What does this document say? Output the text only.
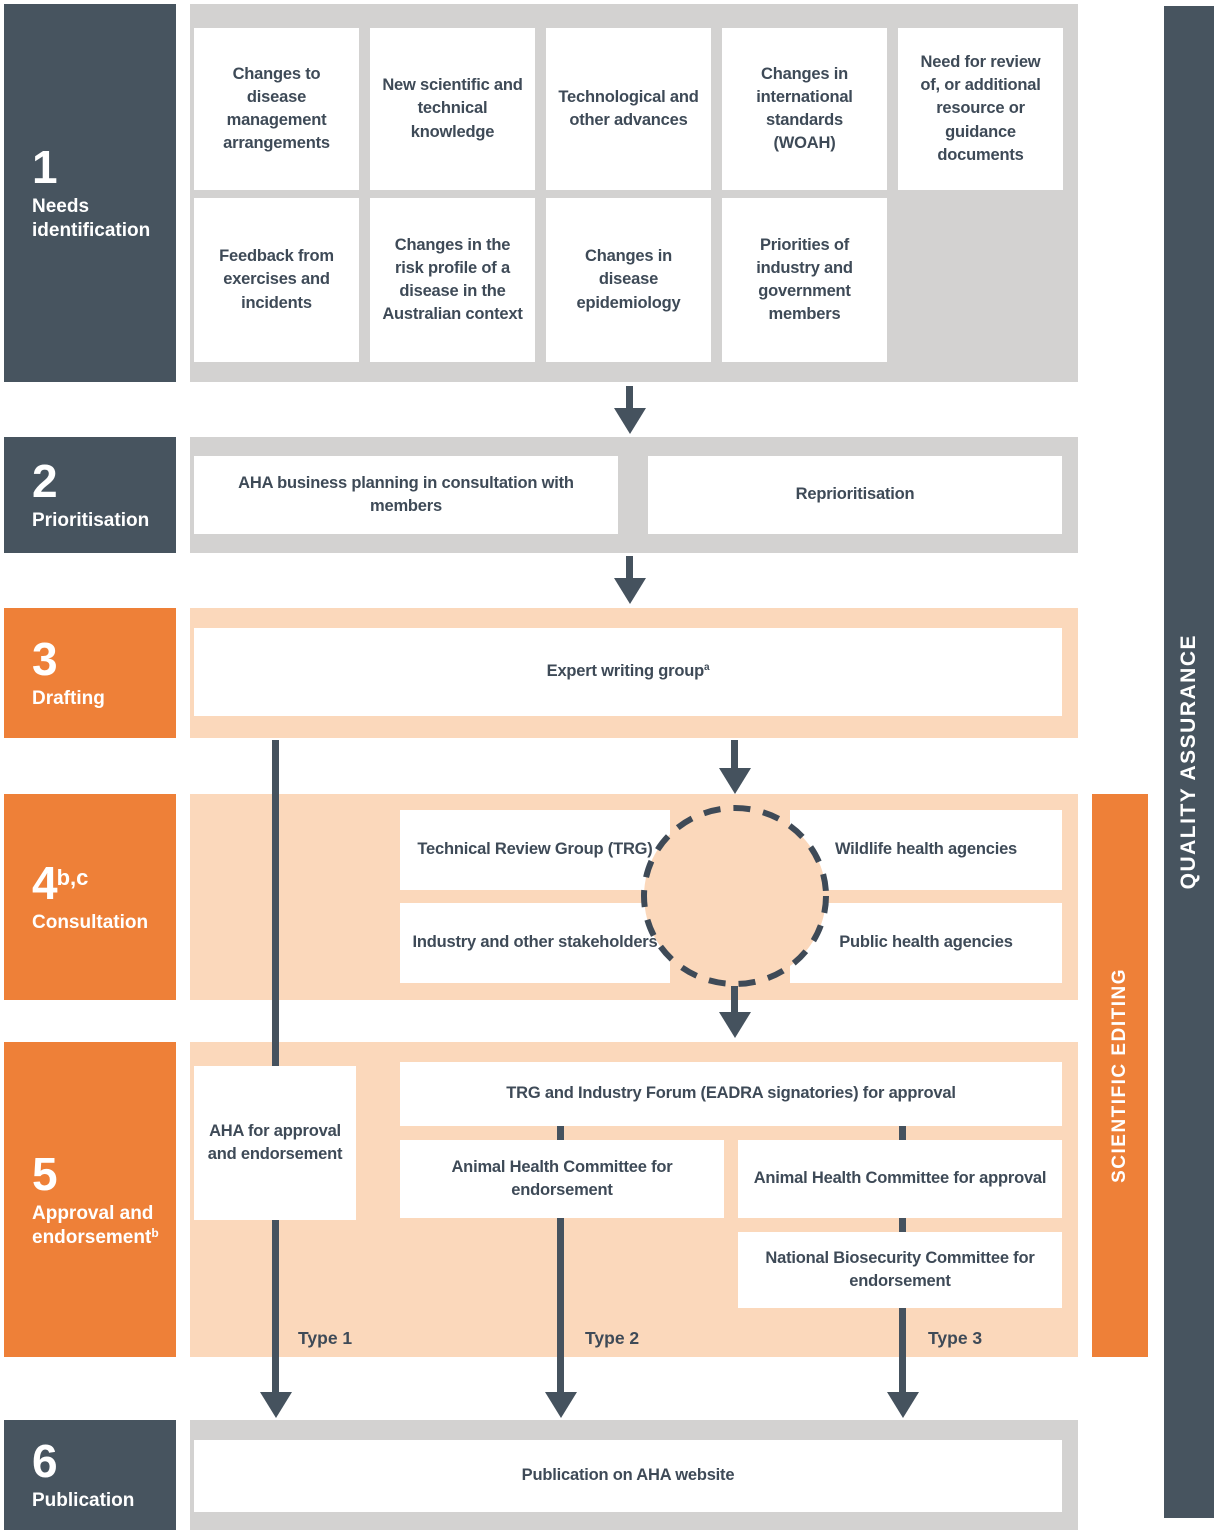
1
Needs identification
2
Prioritisation
3
Drafting
4$^{b,c}$
Consultation
5
Approval and endorsement$^b$
6
Publication
Changes to disease management arrangements
New scientific and technical knowledge
Technological and other advances
Changes in international standards (WOAH)
Need for review of, or additional resource or guidance documents
Feedback from exercises and incidents
Changes in the risk profile of a disease in the Australian context
Changes in disease epidemiology
Priorities of industry and government members
AHA business planning in consultation with members
Reprioritisation
Expert writing group$^a$
Technical Review Group (TRG)
Industry and other stakeholders
Wildlife health agencies
Public health agencies
AHA for approval and endorsement
TRG and Industry Forum (EADRA signatories) for approval
Animal Health Committee for endorsement
Animal Health Committee for approval
National Biosecurity Committee for endorsement
Type 1	Type 2	Type 3
Publication on AHA website
SCIENTIFIC EDITING
QUALITY ASSURANCE
